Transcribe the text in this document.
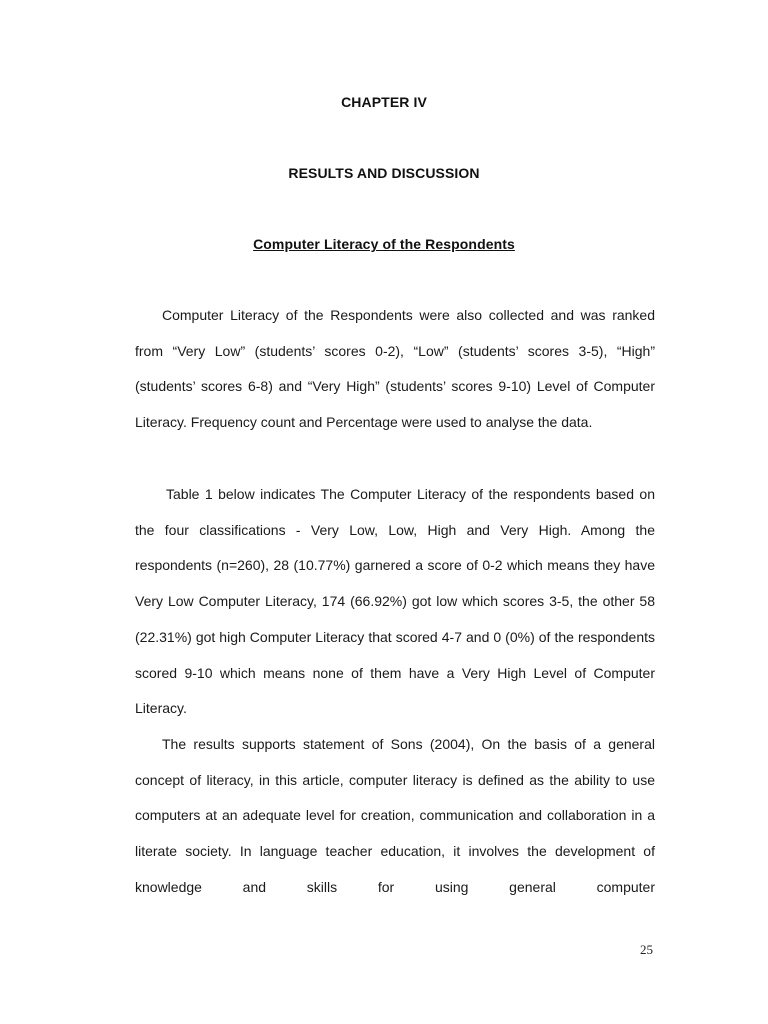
CHAPTER IV
RESULTS AND DISCUSSION
Computer Literacy of the Respondents

Computer Literacy of the Respondents were also collected and was ranked from “Very Low” (students’ scores 0-2), “Low” (students’ scores 3-5), “High” (students’ scores 6-8) and “Very High” (students’ scores 9-10) Level of Computer Literacy. Frequency count and Percentage were used to analyse the data.

Table 1 below indicates The Computer Literacy of the respondents based on the four classifications - Very Low, Low, High and Very High. Among the respondents (n=260), 28 (10.77%) garnered a score of 0-2 which means they have Very Low Computer Literacy, 174 (66.92%) got low which scores 3-5, the other 58 (22.31%) got high Computer Literacy that scored 4-7 and 0 (0%) of the respondents scored 9-10 which means none of them have a Very High Level of Computer Literacy.

The results supports statement of Sons (2004), On the basis of a general concept of literacy, in this article, computer literacy is defined as the ability to use computers at an adequate level for creation, communication and collaboration in a literate society. In language teacher education, it involves the development of knowledge and skills for using general computer

25
